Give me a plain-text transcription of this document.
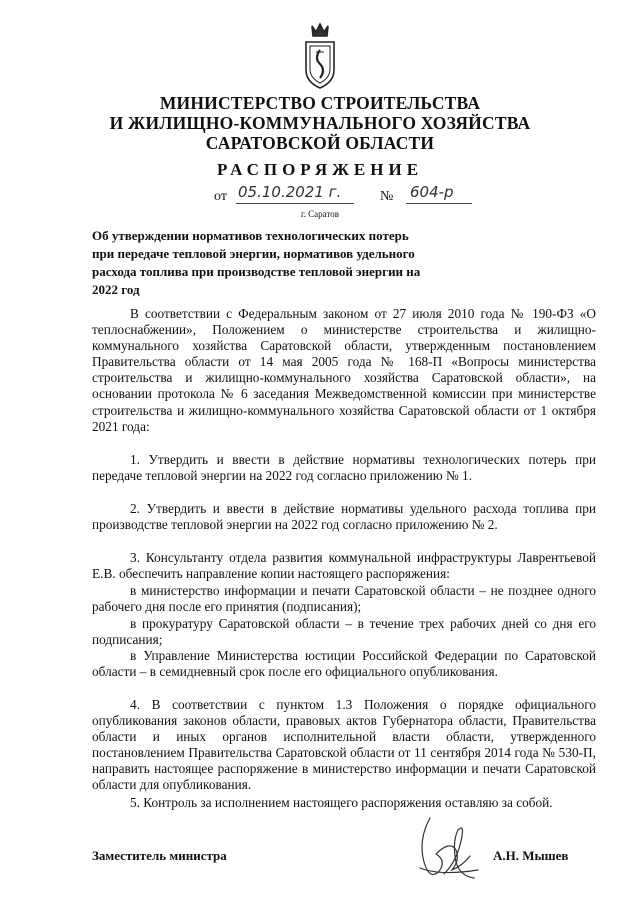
МИНИСТЕРСТВО СТРОИТЕЛЬСТВА
И ЖИЛИЩНО-КОММУНАЛЬНОГО ХОЗЯЙСТВА
САРАТОВСКОЙ ОБЛАСТИ
РАСПОРЯЖЕНИЕ
от 05.10.2021 г.	№ 604-р
г. Саратов
Об утверждении нормативов технологических потерь при передаче тепловой энергии, нормативов удельного расхода топлива при производстве тепловой энергии на 2022 год

В соответствии с Федеральным законом от 27 июля 2010 года № 190-ФЗ «О теплоснабжении», Положением о министерстве строительства и жилищно-коммунального хозяйства Саратовской области, утвержденным постановлением Правительства области от 14 мая 2005 года № 168-П «Вопросы министерства строительства и жилищно-коммунального хозяйства Саратовской области», на основании протокола № 6 заседания Межведомственной комиссии при министерстве строительства и жилищно-коммунального хозяйства Саратовской области от 1 октября 2021 года:

1. Утвердить и ввести в действие нормативы технологических потерь при передаче тепловой энергии на 2022 год согласно приложению № 1.

2. Утвердить и ввести в действие нормативы удельного расхода топлива при производстве тепловой энергии на 2022 год согласно приложению № 2.

3. Консультанту отдела развития коммунальной инфраструктуры Лаврентьевой Е.В. обеспечить направление копии настоящего распоряжения:

в министерство информации и печати Саратовской области – не позднее одного рабочего дня после его принятия (подписания);

в прокуратуру Саратовской области – в течение трех рабочих дней со дня его подписания;

в Управление Министерства юстиции Российской Федерации по Саратовской области – в семидневный срок после его официального опубликования.

4. В соответствии с пунктом 1.3 Положения о порядке официального опубликования законов области, правовых актов Губернатора области, Правительства области и иных органов исполнительной власти области, утвержденного постановлением Правительства Саратовской области от 11 сентября 2014 года № 530-П, направить настоящее распоряжение в министерство информации и печати Саратовской области для опубликования.

5. Контроль за исполнением настоящего распоряжения оставляю за собой.

Заместитель министра	А.Н. Мышев
